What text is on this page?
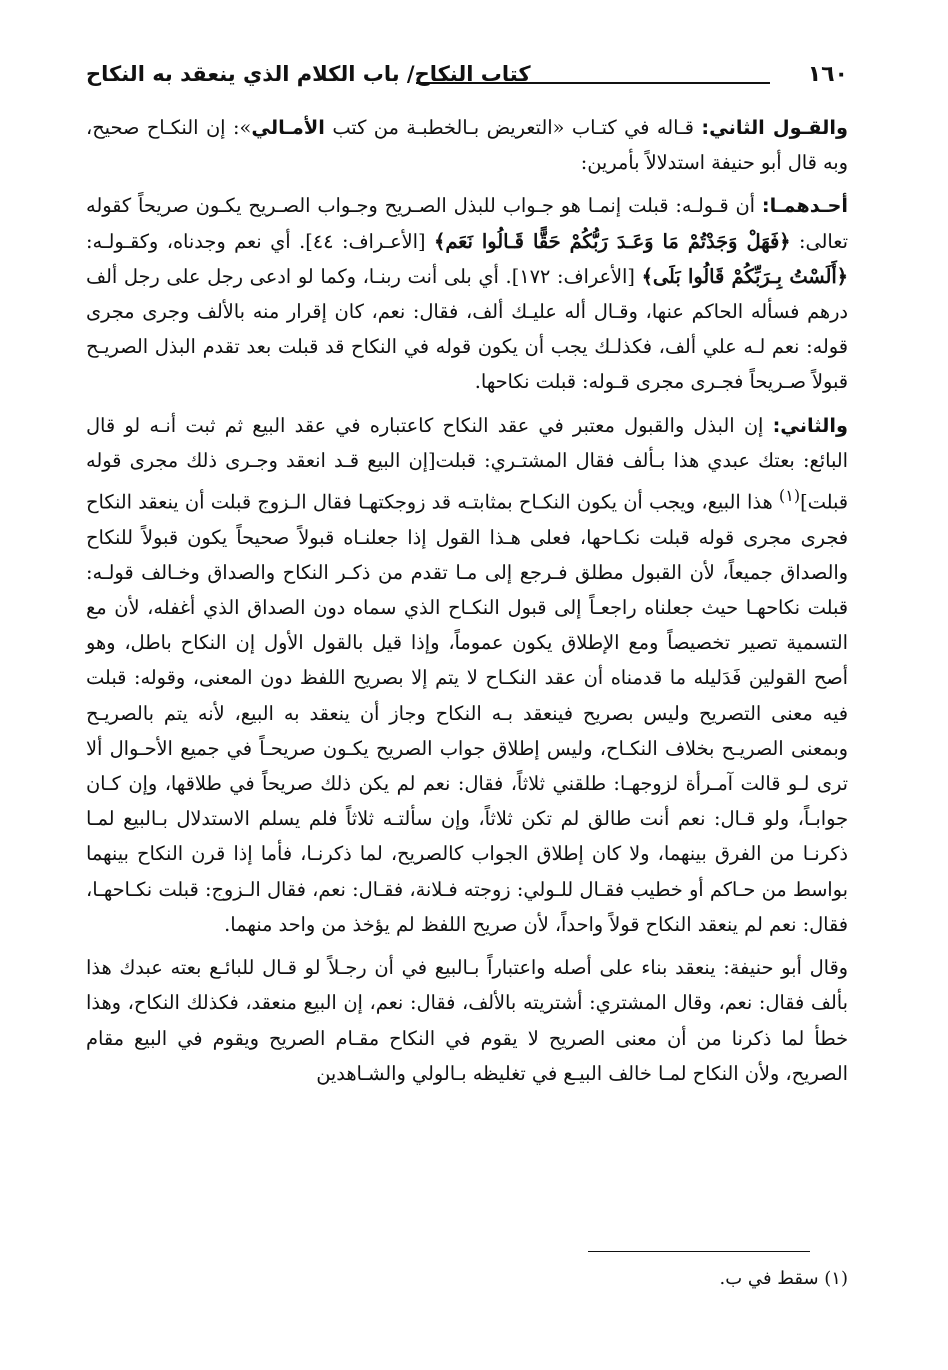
١٦٠
كتاب النكاح/ باب الكلام الذي ينعقد به النكاح

والقـول الثاني: قـاله في كتـاب «التعريض بـالخطبـة من كتب الأمـالي»: إن النكـاح صحيح، وبه قال أبو حنيفة استدلالاً بأمرين:

أحـدهمـا: أن قـولـه: قبلت إنمـا هو جـواب للبذل الصـريح وجـواب الصـريح يكـون صريحاً كقوله تعالى: ﴿فَهَلْ وَجَدْتُمْ مَا وَعَـدَ رَبُّكُمْ حَقًّا قَـالُوا نَعَم﴾ [الأعـراف: ٤٤]. أي نعم وجدناه، وكقـولـه: ﴿أَلَسْتُ بِـرَبِّكُمْ قَالُوا بَلَى﴾ [الأعراف: ١٧٢]. أي بلى أنت ربنـا، وكما لو ادعى رجل على رجل ألف درهم فسأله الحاكم عنها، وقـال أله عليـك ألف، فقال: نعم، كان إقرار منه بالألف وجرى مجرى قوله: نعم لـه علي ألف، فكذلـك يجب أن يكون قوله في النكاح قد قبلت بعد تقدم البذل الصريـح قبولاً صـريحاً فجـرى مجرى قـوله: قبلت نكاحها.

والثاني: إن البذل والقبول معتبر في عقد النكاح كاعتباره في عقد البيع ثم ثبت أنـه لو قال البائع: بعتك عبدي هذا بـألف فقال المشتـري: قبلت[إن البيع قـد انعقد وجـرى ذلك مجرى قوله قبلت]$^{(١)}$ هذا البيع، ويجب أن يكون النكـاح بمثابتـه قد زوجكتهـا فقال الـزوج قبلت أن ينعقد النكاح فجرى مجرى قوله قبلت نكـاحها، فعلى هـذا القول إذا جعلنـاه قبولاً صحيحاً يكون قبولاً للنكاح والصداق جميعاً، لأن القبول مطلق فـرجع إلى مـا تقدم من ذكـر النكاح والصداق وخـالف قولـه: قبلت نكاحهـا حيث جعلناه راجعـاً إلى قبول النكـاح الذي سماه دون الصداق الذي أغفله، لأن مع التسمية تصير تخصيصاً ومع الإطلاق يكون عموماً، وإذا قيل بالقول الأول إن النكاح باطل، وهو أصح القولين فَدَليله ما قدمناه أن عقد النكـاح لا يتم إلا بصريح اللفظ دون المعنى، وقوله: قبلت فيه معنى التصريح وليس بصريح فينعقد بـه النكاح وجاز أن ينعقد به البيع، لأنه يتم بالصريـح وبمعنى الصريـح بخلاف النكـاح، وليس إطلاق جواب الصريح يكـون صريحـاً في جميع الأحـوال ألا ترى لـو قالت آمـرأة لزوجهـا: طلقني ثلاثاً، فقال: نعم لم يكن ذلك صريحاً في طلاقها، وإن كـان جوابـاً، ولو قـال: نعم أنت طالق لم تكن ثلاثاً، وإن سألتـه ثلاثاً فلم يسلم الاستدلال بـالبيع لمـا ذكرنـا من الفرق بينهما، ولا كان إطلاق الجواب كالصريح، لما ذكرنـا، فأما إذا قرن النكاح بينهما بواسط من حـاكم أو خطيب فقـال للـولي: زوجته فـلانة، فقـال: نعم، فقال الـزوج: قبلت نكـاحهـا، فقال: نعم لم ينعقد النكاح قولاً واحداً، لأن صريح اللفظ لم يؤخذ من واحد منهما.

وقال أبو حنيفة: ينعقد بناء على أصله واعتباراً بـالبيع في أن رجـلاً لو قـال للبائـع بعته عبدك هذا بألف فقال: نعم، وقال المشتري: أشتريته بالألف، فقال: نعم، إن البيع منعقد، فكذلك النكاح، وهذا خطأ لما ذكرنا من أن معنى الصريح لا يقوم في النكاح مقـام الصريح ويقوم في البيع مقام الصريح، ولأن النكاح لمـا خالف البيـع في تغليظه بـالولي والشـاهدين

(١) سقط في ب.
